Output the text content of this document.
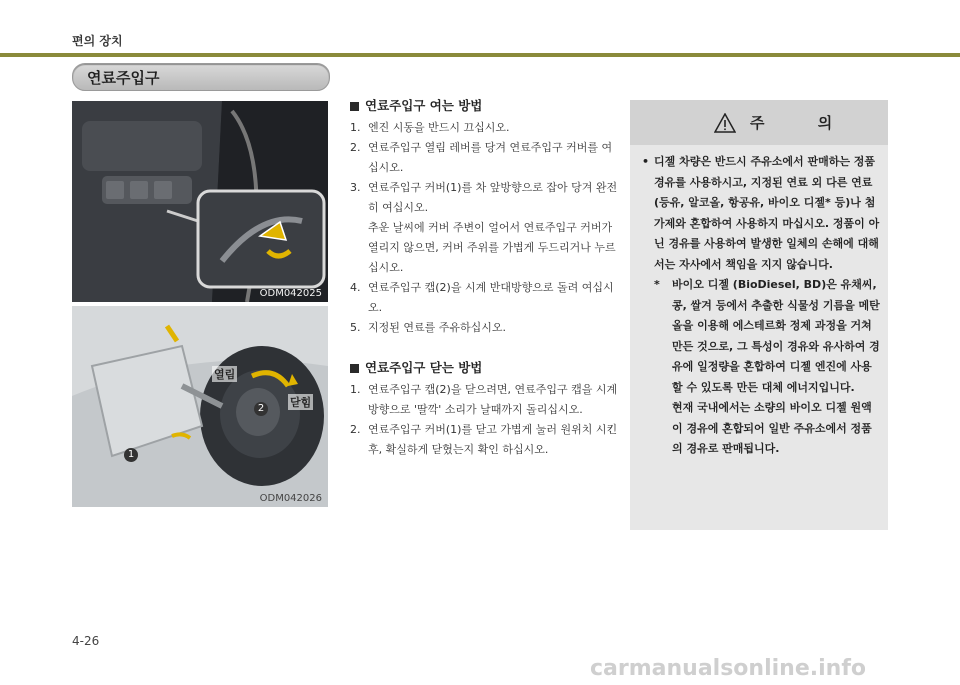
편의 장치
연료주입구
ODM042025
열림
닫힘
1
2
ODM042026
연료주입구 여는 방법
1. 엔진 시동을 반드시 끄십시오.
2. 연료주입구 열림 레버를 당겨 연료주입구 커버를 여십시오.
3. 연료주입구 커버(1)를 차 앞방향으로 잡아 당겨 완전히 여십시오.
추운 날씨에 커버 주변이 얼어서 연료주입구 커버가 열리지 않으면, 커버 주위를 가볍게 두드리거나 누르십시오.
4. 연료주입구 캡(2)을 시계 반대방향으로 돌려 여십시오.
5. 지정된 연료를 주유하십시오.
연료주입구 닫는 방법
1. 연료주입구 캡(2)을 닫으려면, 연료주입구 캡을 시계방향으로 '딸깍' 소리가 날때까지 돌리십시오.
2. 연료주입구 커버(1)를 닫고 가볍게 눌러 원위치 시킨 후, 확실하게 닫혔는지 확인 하십시오.
주 의
• 디젤 차량은 반드시 주유소에서 판매하는 정품 경유를 사용하시고, 지정된 연료 외 다른 연료(등유, 알코올, 항공유, 바이오 디젤* 등)나 첨가제와 혼합하여 사용하지 마십시오. 정품이 아닌 경유를 사용하여 발생한 일체의 손해에 대해서는 자사에서 책임을 지지 않습니다.
*	바이오 디젤 (BioDiesel, BD)은 유채씨, 콩, 쌀겨 등에서 추출한 식물성 기름을 메탄올을 이용해 에스테르화 정제 과정을 거쳐 만든 것으로, 그 특성이 경유와 유사하여 경유에 일정량을 혼합하여 디젤 엔진에 사용할 수 있도록 만든 대체 에너지입니다.
현재 국내에서는 소량의 바이오 디젤 원액이 경유에 혼합되어 일반 주유소에서 정품의 경유로 판매됩니다.
4-26
carmanualsonline.info
